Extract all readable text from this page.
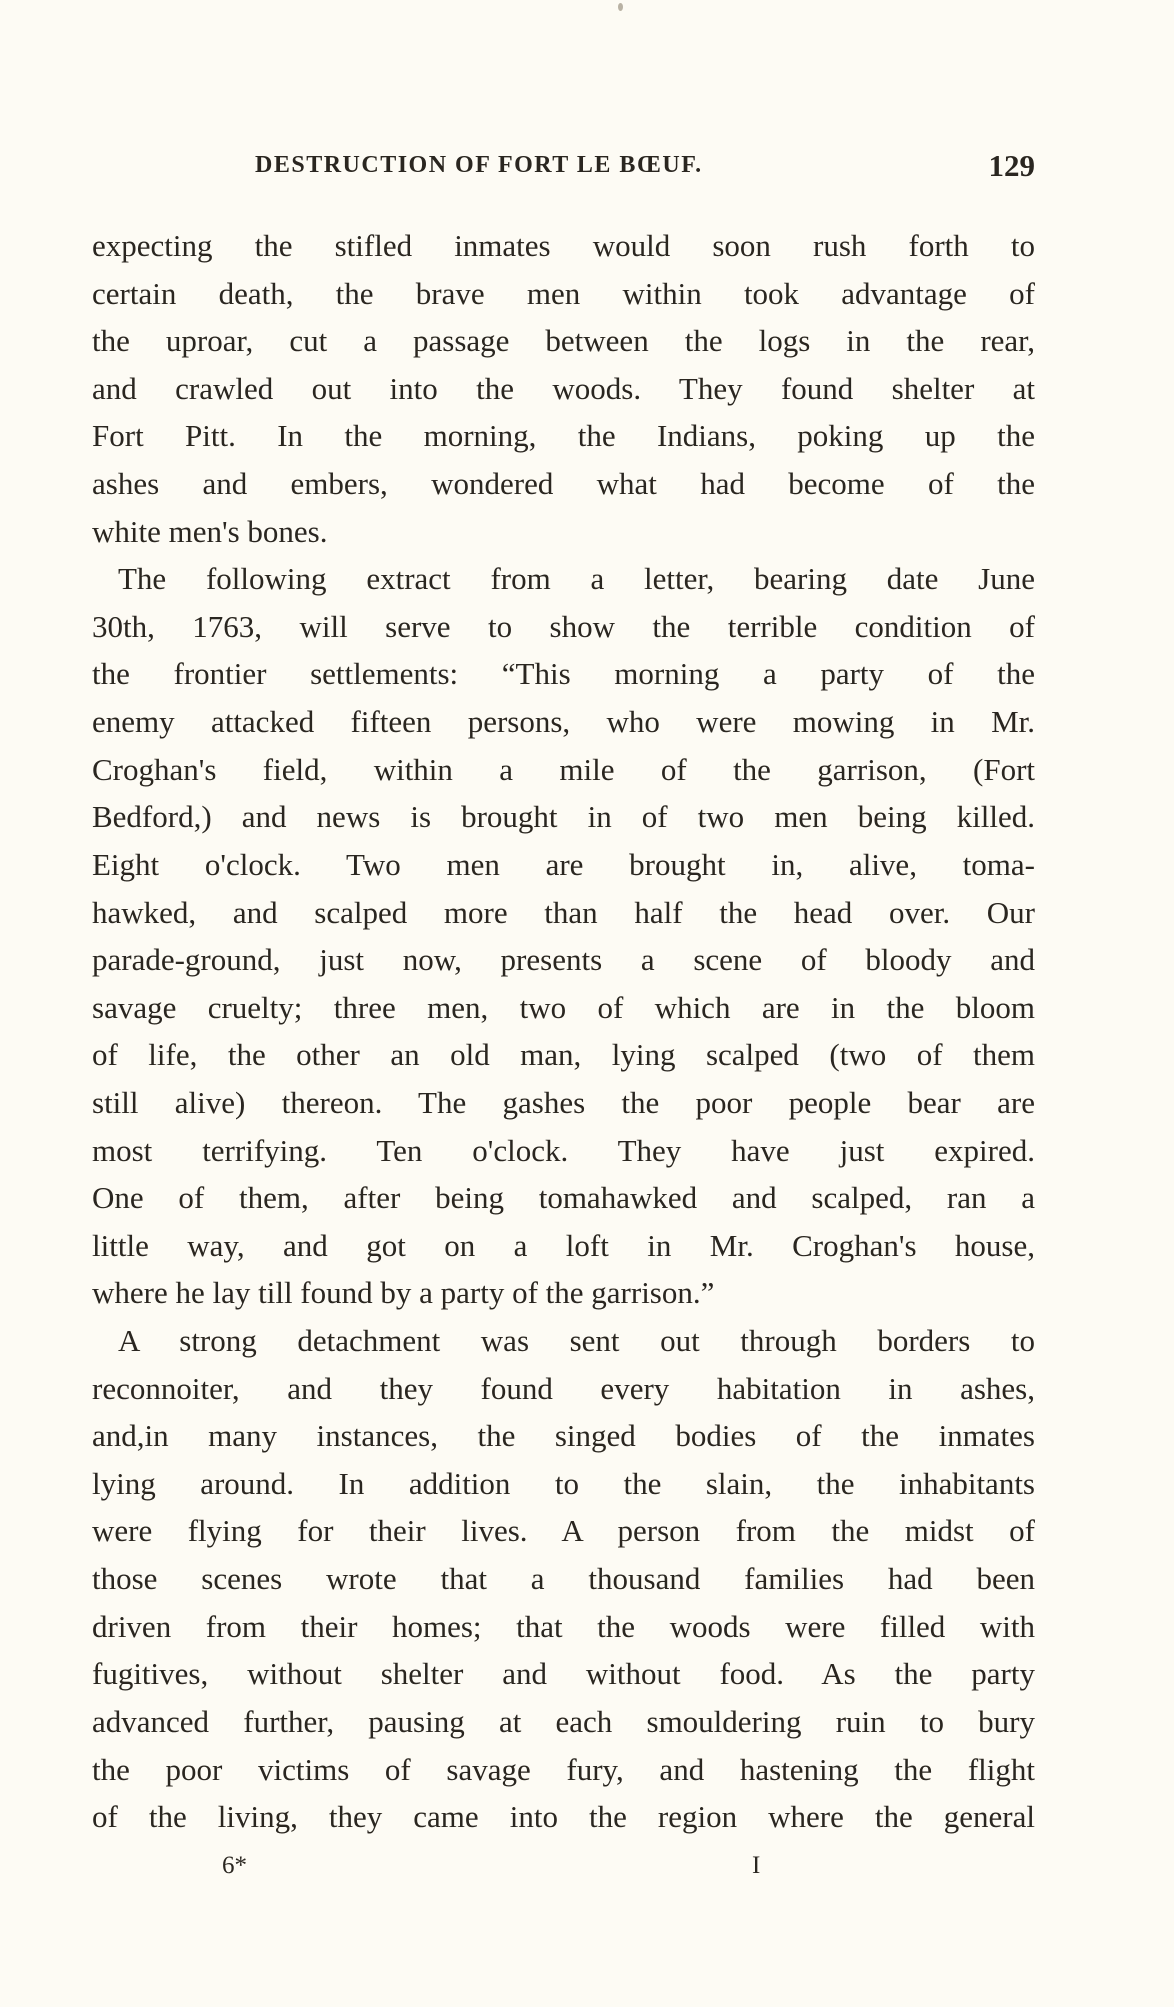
DESTRUCTION OF FORT LE BŒUF.	129
expecting the stifled inmates would soon rush forth to
certain death, the brave men within took advantage of
the uproar, cut a passage between the logs in the rear,
and crawled out into the woods. They found shelter at
Fort Pitt. In the morning, the Indians, poking up the
ashes and embers, wondered what had become of the
white men's bones.
The following extract from a letter, bearing date June
30th, 1763, will serve to show the terrible condition of
the frontier settlements: “This morning a party of the
enemy attacked fifteen persons, who were mowing in Mr.
Croghan's field, within a mile of the garrison, (Fort
Bedford,) and news is brought in of two men being killed.
Eight o'clock. Two men are brought in, alive, toma-
hawked, and scalped more than half the head over. Our
parade-ground, just now, presents a scene of bloody and
savage cruelty; three men, two of which are in the bloom
of life, the other an old man, lying scalped (two of them
still alive) thereon. The gashes the poor people bear are
most terrifying. Ten o'clock. They have just expired.
One of them, after being tomahawked and scalped, ran a
little way, and got on a loft in Mr. Croghan's house,
where he lay till found by a party of the garrison.”
A strong detachment was sent out through borders to
reconnoiter, and they found every habitation in ashes,
and,in many instances, the singed bodies of the inmates
lying around. In addition to the slain, the inhabitants
were flying for their lives. A person from the midst of
those scenes wrote that a thousand families had been
driven from their homes; that the woods were filled with
fugitives, without shelter and without food. As the party
advanced further, pausing at each smouldering ruin to bury
the poor victims of savage fury, and hastening the flight
of the living, they came into the region where the general
6*	I
